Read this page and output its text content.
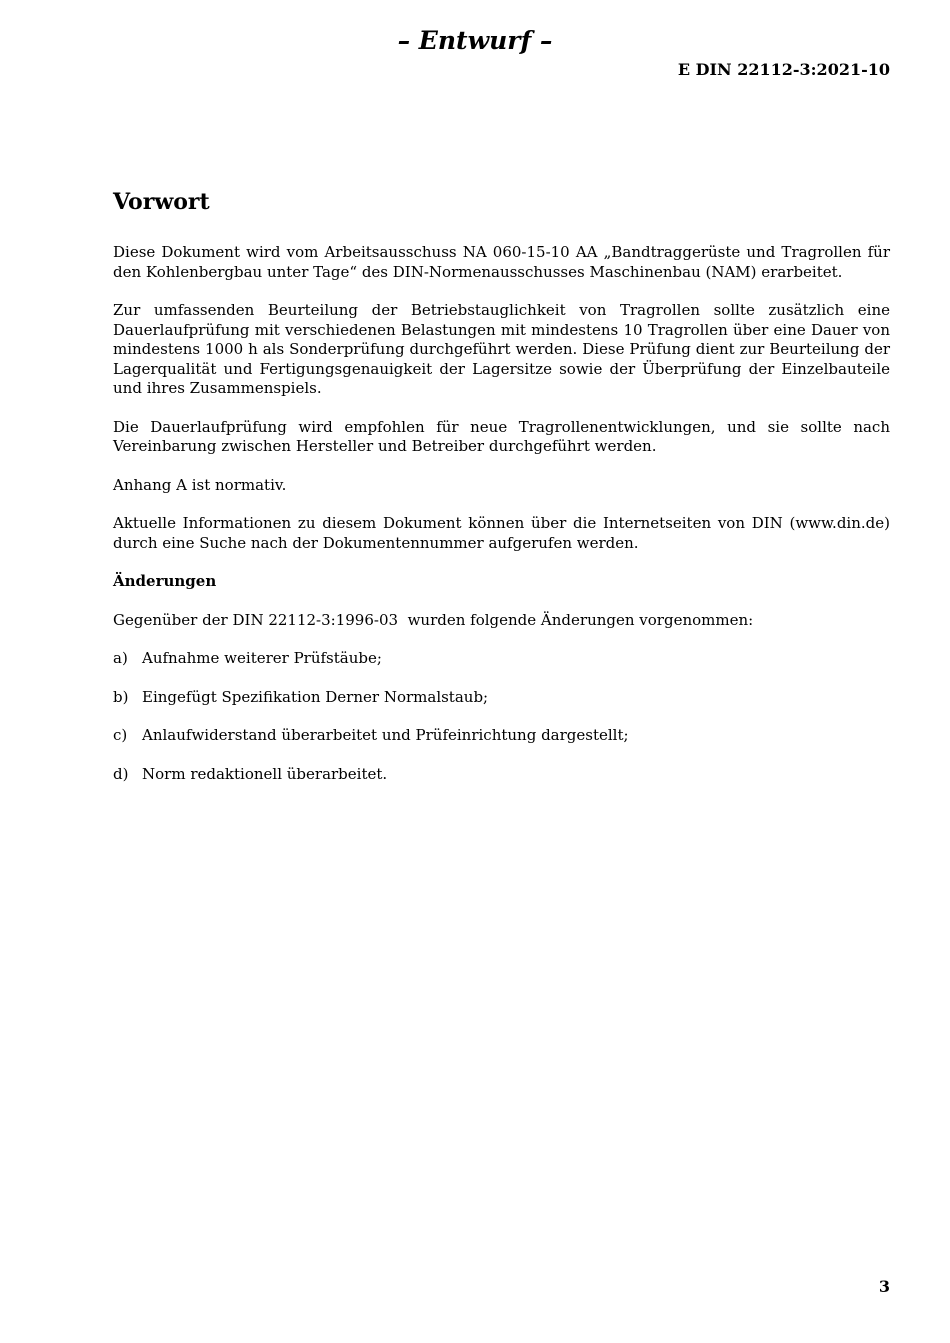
– Entwurf –
E DIN 22112-3:2021-10
Vorwort

Diese Dokument wird vom Arbeitsausschuss NA 060-15-10 AA „Bandtraggerüste und Tragrollen für den Kohlenbergbau unter Tage“ des DIN-Normenausschusses Maschinenbau (NAM) erarbeitet.

Zur umfassenden Beurteilung der Betriebstauglichkeit von Tragrollen sollte zusätzlich eine Dauerlaufprüfung mit verschiedenen Belastungen mit mindestens 10 Tragrollen über eine Dauer von mindestens 1000 h als Sonderprüfung durchgeführt werden. Diese Prüfung dient zur Beurteilung der Lagerqualität und Fertigungsgenauigkeit der Lagersitze sowie der Überprüfung der Einzelbauteile und ihres Zusammenspiels.

Die Dauerlaufprüfung wird empfohlen für neue Tragrollenentwicklungen, und sie sollte nach Vereinbarung zwischen Hersteller und Betreiber durchgeführt werden.

Anhang A ist normativ.

Aktuelle Informationen zu diesem Dokument können über die Internetseiten von DIN (www.din.de) durch eine Suche nach der Dokumentennummer aufgerufen werden.

Änderungen

Gegenüber der DIN 22112-3:1996-03  wurden folgende Änderungen vorgenommen:

a) Aufnahme weiterer Prüfstäube;
b) Eingefügt Spezifikation Derner Normalstaub;
c) Anlaufwiderstand überarbeitet und Prüfeinrichtung dargestellt;
d) Norm redaktionell überarbeitet.
3
